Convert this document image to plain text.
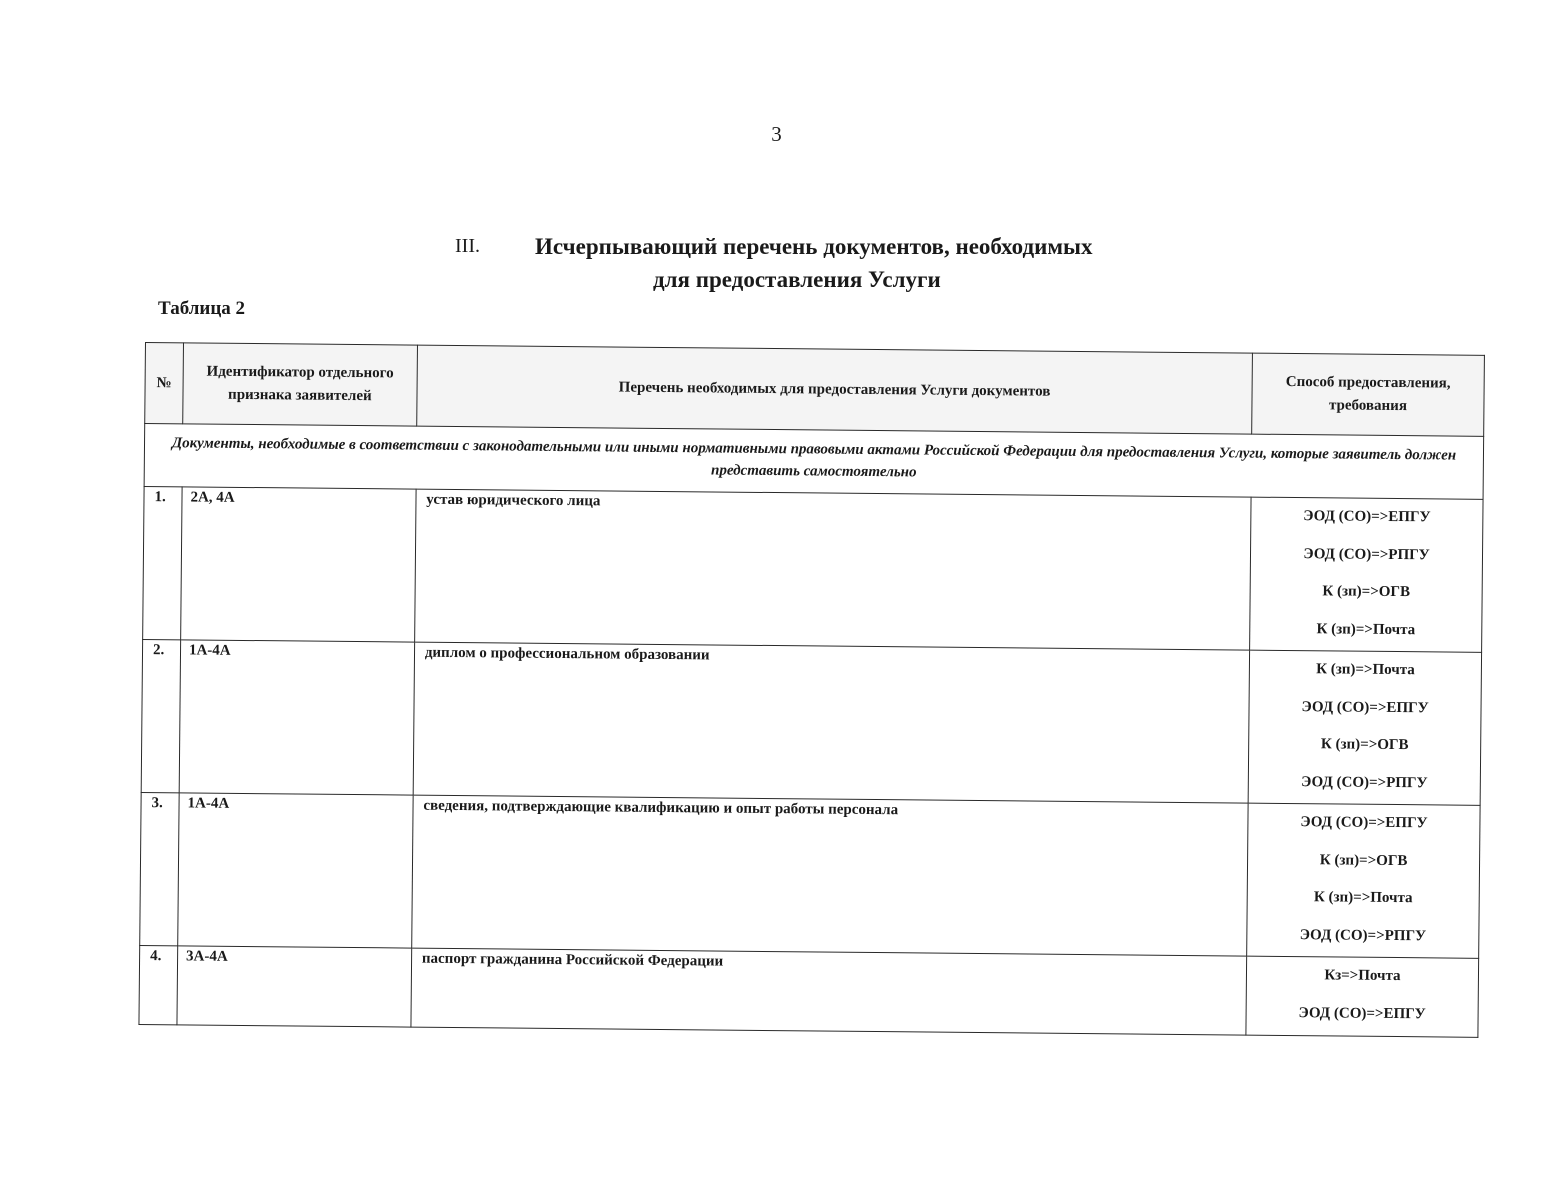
3
III. Исчерпывающий перечень документов, необходимых
для предоставления Услуги
Таблица 2
№	Идентификатор отдельного признака заявителей	Перечень необходимых для предоставления Услуги документов	Способ предоставления, требования
Документы, необходимые в соответствии с законодательными или иными нормативными правовыми актами Российской Федерации для предоставления Услуги, которые заявитель должен представить самостоятельно			
1.	2А, 4А	устав юридического лица	ЭОД (СО)=>ЕПГУ
ЭОД (СО)=>РПГУ
К (зп)=>ОГВ
К (зп)=>Почта

2.	1А-4А	диплом о профессиональном образовании	К (зп)=>Почта
ЭОД (СО)=>ЕПГУ
К (зп)=>ОГВ
ЭОД (СО)=>РПГУ

3.	1А-4А	сведения, подтверждающие квалификацию и опыт работы персонала	ЭОД (СО)=>ЕПГУ
К (зп)=>ОГВ
К (зп)=>Почта
ЭОД (СО)=>РПГУ

4.	3А-4А	паспорт гражданина Российской Федерации	Кз=>Почта
ЭОД (СО)=>ЕПГУ
